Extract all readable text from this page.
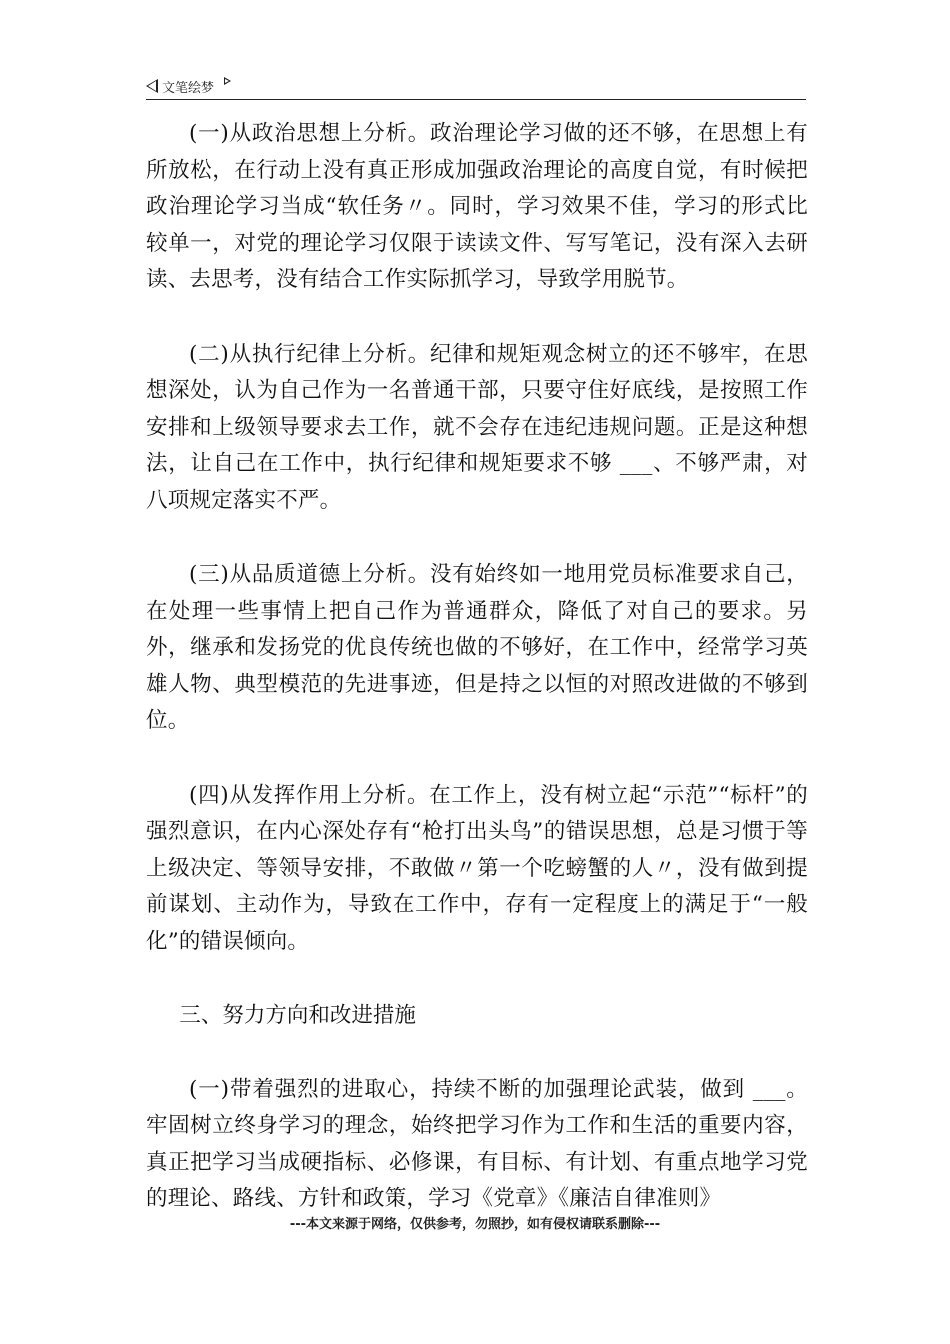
文笔绘梦

(一)从政治思想上分析。政治理论学习做的还不够，在思想上有所放松，在行动上没有真正形成加强政治理论的高度自觉，有时候把政治理论学习当成“软任务〃。同时，学习效果不佳，学习的形式比较单一，对党的理论学习仅限于读读文件、写写笔记，没有深入去研读、去思考，没有结合工作实际抓学习，导致学用脱节。

(二)从执行纪律上分析。纪律和规矩观念树立的还不够牢，在思想深处，认为自己作为一名普通干部，只要守住好底线，是按照工作安排和上级领导要求去工作，就不会存在违纪违规问题。正是这种想法，让自己在工作中，执行纪律和规矩要求不够 ___、不够严肃，对八项规定落实不严。

(三)从品质道德上分析。没有始终如一地用党员标准要求自己，在处理一些事情上把自己作为普通群众，降低了对自己的要求。另外，继承和发扬党的优良传统也做的不够好，在工作中，经常学习英雄人物、典型模范的先进事迹，但是持之以恒的对照改进做的不够到位。

(四)从发挥作用上分析。在工作上，没有树立起“示范”“标杆”的强烈意识，在内心深处存有“枪打出头鸟”的错误思想，总是习惯于等上级决定、等领导安排，不敢做〃第一个吃螃蟹的人〃，没有做到提前谋划、主动作为，导致在工作中，存有一定程度上的满足于“一般化”的错误倾向。

三、努力方向和改进措施

(一)带着强烈的进取心，持续不断的加强理论武装，做到 ___。牢固树立终身学习的理念，始终把学习作为工作和生活的重要内容，真正把学习当成硬指标、必修课，有目标、有计划、有重点地学习党的理论、路线、方针和政策，学习《党章》《廉洁自律准则》

---本文来源于网络，仅供参考，勿照抄，如有侵权请联系删除---
